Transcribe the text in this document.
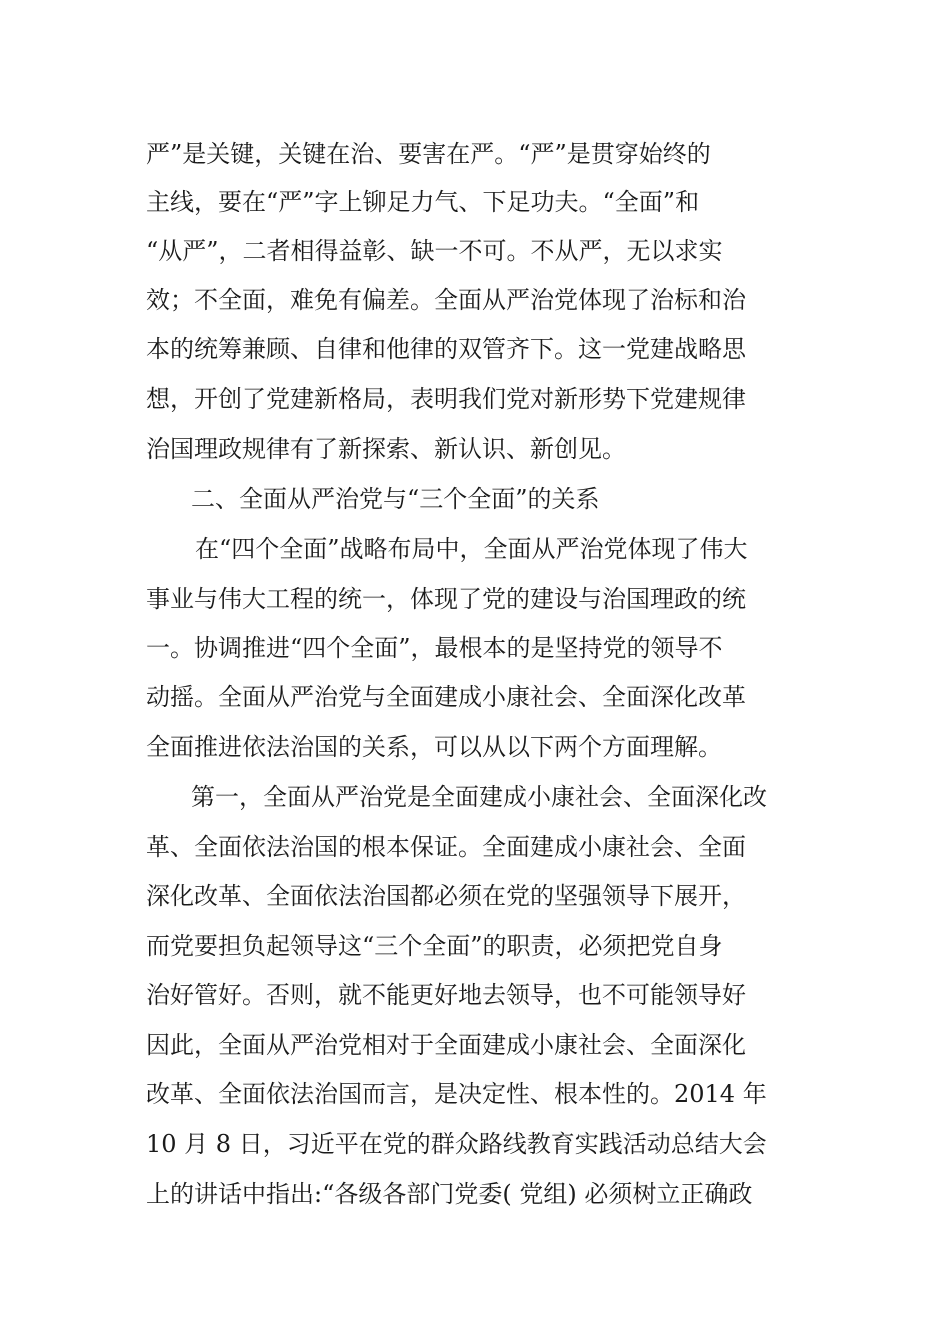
严”是关键，关键在治、要害在严。“严”是贯穿始终的
主线，要在“严”字上铆足力气、下足功夫。“全面”和
“从严”，二者相得益彰、缺一不可。不从严，无以求实
效；不全面，难免有偏差。全面从严治党体现了治标和治
本的统筹兼顾、自律和他律的双管齐下。这一党建战略思
想，开创了党建新格局，表明我们党对新形势下党建规律
治国理政规律有了新探索、新认识、新创见。
二、全面从严治党与“三个全面”的关系
在“四个全面”战略布局中，全面从严治党体现了伟大
事业与伟大工程的统一，体现了党的建设与治国理政的统
一。协调推进“四个全面”，最根本的是坚持党的领导不
动摇。全面从严治党与全面建成小康社会、全面深化改革
全面推进依法治国的关系，可以从以下两个方面理解。
第一，全面从严治党是全面建成小康社会、全面深化改
革、全面依法治国的根本保证。全面建成小康社会、全面
深化改革、全面依法治国都必须在党的坚强领导下展开，
而党要担负起领导这“三个全面”的职责，必须把党自身
治好管好。否则，就不能更好地去领导，也不可能领导好
因此，全面从严治党相对于全面建成小康社会、全面深化
改革、全面依法治国而言，是决定性、根本性的。2014 年
10 月 8 日，习近平在党的群众路线教育实践活动总结大会
上的讲话中指出:“各级各部门党委( 党组) 必须树立正确政
